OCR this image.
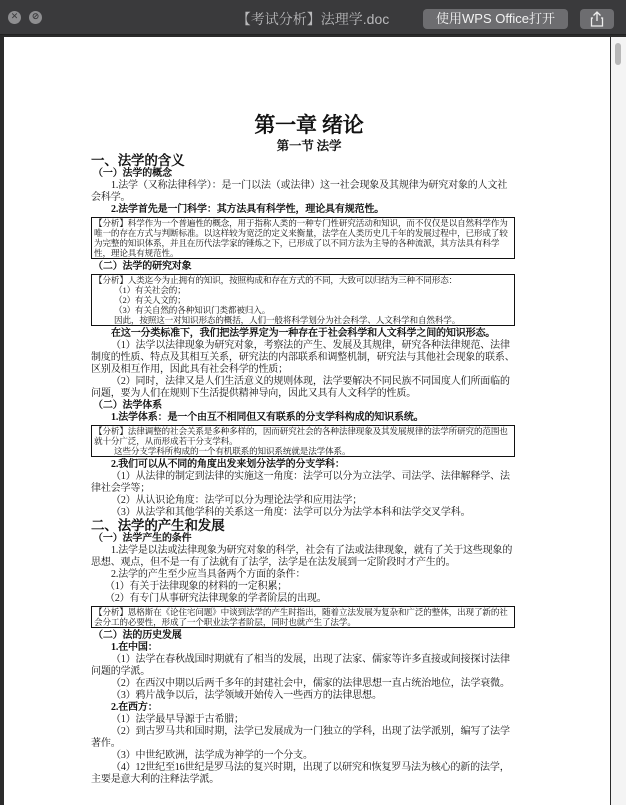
✕	⊘	【考试分析】法理学.doc	使用WPS Office打开
第一章 绪论
第一节 法学
一、法学的含义
（一）法学的概念
1.法学（又称法律科学）：是一门以法（或法律）这一社会现象及其规律为研究对象的人文社会科学。
2.法学首先是一门科学：其方法具有科学性，理论具有规范性。
【分析】科学作为一个普遍性的概念，用于指称人类的一种专门性研究活动和知识，而不仅仅是以自然科学作为唯一的存在方式与判断标准。以这样较为宽泛的定义来衡量，法学在人类历史几千年的发展过程中，已形成了较为完整的知识体系，并且在历代法学家的锤炼之下，已形成了以不同方法为主导的各种流派，其方法具有科学性，理论具有规范性。
（二）法学的研究对象
【分析】人类迄今为止拥有的知识，按照构成和存在方式的不同，大致可以归结为三种不同形态：
（1）有关社会的；
（2）有关人文的；
（3）有关自然的各种知识门类都被归入。
因此，按照这一对知识形态的概括，人们一般将科学划分为社会科学、人文科学和自然科学。
在这一分类标准下，我们把法学界定为一种存在于社会科学和人文科学之间的知识形态。
（1）法学以法律现象为研究对象，考察法的产生、发展及其规律，研究各种法律规范、法律制度的性质、特点及其相互关系，研究法的内部联系和调整机制，研究法与其他社会现象的联系、区别及相互作用，因此具有社会科学的性质；
（2）同时，法律又是人们生活意义的规则体现，法学要解决不同民族不同国度人们所面临的问题，要为人们在规则下生活提供精神导向，因此又具有人文科学的性质。
（二）法学体系
1.法学体系：是一个由互不相同但又有联系的分支学科构成的知识系统。
【分析】法律调整的社会关系是多种多样的，因而研究社会的各种法律现象及其发展规律的法学所研究的范围也就十分广泛，从而形成若干分支学科。
这些分支学科所构成的一个有机联系的知识系统就是法学体系。
2.我们可以从不同的角度出发来划分法学的分支学科：
（1）从法律的制定到法律的实施这一角度：法学可以分为立法学、司法学、法律解释学、法律社会学等；
（2）从认识论角度：法学可以分为理论法学和应用法学；
（3）从法学和其他学科的关系这一角度：法学可以分为法学本科和法学交叉学科。
二、法学的产生和发展
（一）法学产生的条件
1.法学是以法或法律现象为研究对象的科学，社会有了法或法律现象，就有了关于这些现象的思想、观点，但不是一有了法就有了法学，法学是在法发展到一定阶段时才产生的。
2.法学的产生至少应当具备两个方面的条件：
（1）有关于法律现象的材料的一定积累；
（2）有专门从事研究法律现象的学者阶层的出现。
【分析】恩格斯在《论住宅问题》中谈到法学的产生时指出，随着立法发展为复杂和广泛的整体，出现了新的社会分工的必要性，形成了一个职业法学者阶层，同时也就产生了法学。
（二）法的历史发展
1.在中国：
（1）法学在春秋战国时期就有了相当的发展，出现了法家、儒家等许多直接或间接探讨法律问题的学派。
（2）在西汉中期以后两千多年的封建社会中，儒家的法律思想一直占统治地位，法学衰微。
（3）鸦片战争以后，法学领域开始传入一些西方的法律思想。
2.在西方：
（1）法学最早导源于古希腊；
（2）到古罗马共和国时期，法学已发展成为一门独立的学科，出现了法学派别，编写了法学著作。
（3）中世纪欧洲，法学成为神学的一个分支。
（4）12世纪至16世纪是罗马法的复兴时期，出现了以研究和恢复罗马法为核心的新的法学，主要是意大利的注释法学派。
